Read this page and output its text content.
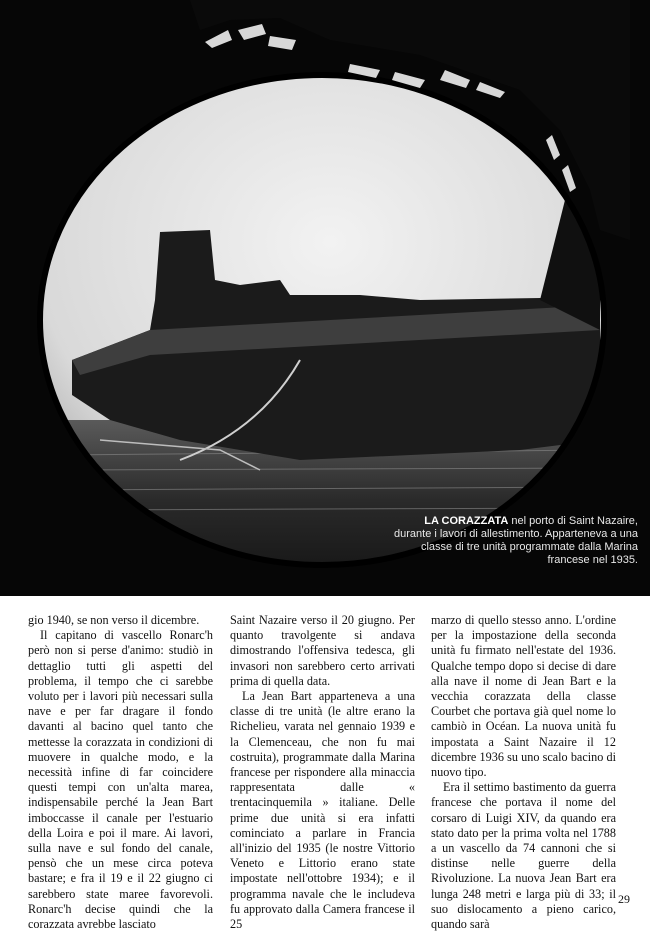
LA CORAZZATA nel porto di Saint Nazaire, durante i lavori di allestimento. Apparteneva a una classe di tre unità programmate dalla Marina francese nel 1935.

gio 1940, se non verso il dicembre.

Il capitano di vascello Ronarc'h però non si perse d'animo: studiò in dettaglio tutti gli aspetti del problema, il tempo che ci sarebbe voluto per i lavori più necessari sulla nave e per far dragare il fondo davanti al bacino quel tanto che mettesse la corazzata in condizioni di muovere in qualche modo, e la necessità infine di far coincidere questi tempi con un'alta marea, indispensabile perché la Jean Bart imboccasse il canale per l'estuario della Loira e poi il mare. Ai lavori, sulla nave e sul fondo del canale, pensò che un mese circa poteva bastare; e fra il 19 e il 22 giugno ci sarebbero state maree favorevoli. Ronarc'h decise quindi che la corazzata avrebbe lasciato

Saint Nazaire verso il 20 giugno. Per quanto travolgente si andava dimostrando l'offensiva tedesca, gli invasori non sarebbero certo arrivati prima di quella data.

La Jean Bart apparteneva a una classe di tre unità (le altre erano la Richelieu, varata nel gennaio 1939 e la Clemenceau, che non fu mai costruita), programmate dalla Marina francese per rispondere alla minaccia rappresentata dalle « trentacinquemila » italiane. Delle prime due unità si era infatti cominciato a parlare in Francia all'inizio del 1935 (le nostre Vittorio Veneto e Littorio erano state impostate nell'ottobre 1934); e il programma navale che le includeva fu approvato dalla Camera francese il 25

marzo di quello stesso anno. L'ordine per la impostazione della seconda unità fu firmato nell'estate del 1936. Qualche tempo dopo si decise di dare alla nave il nome di Jean Bart e la vecchia corazzata della classe Courbet che portava già quel nome lo cambiò in Océan. La nuova unità fu impostata a Saint Nazaire il 12 dicembre 1936 su uno scalo bacino di nuovo tipo.

Era il settimo bastimento da guerra francese che portava il nome del corsaro di Luigi XIV, da quando era stato dato per la prima volta nel 1788 a un vascello da 74 cannoni che si distinse nelle guerre della Rivoluzione. La nuova Jean Bart era lunga 248 metri e larga più di 33; il suo dislocamento a pieno carico, quando sarà

29
